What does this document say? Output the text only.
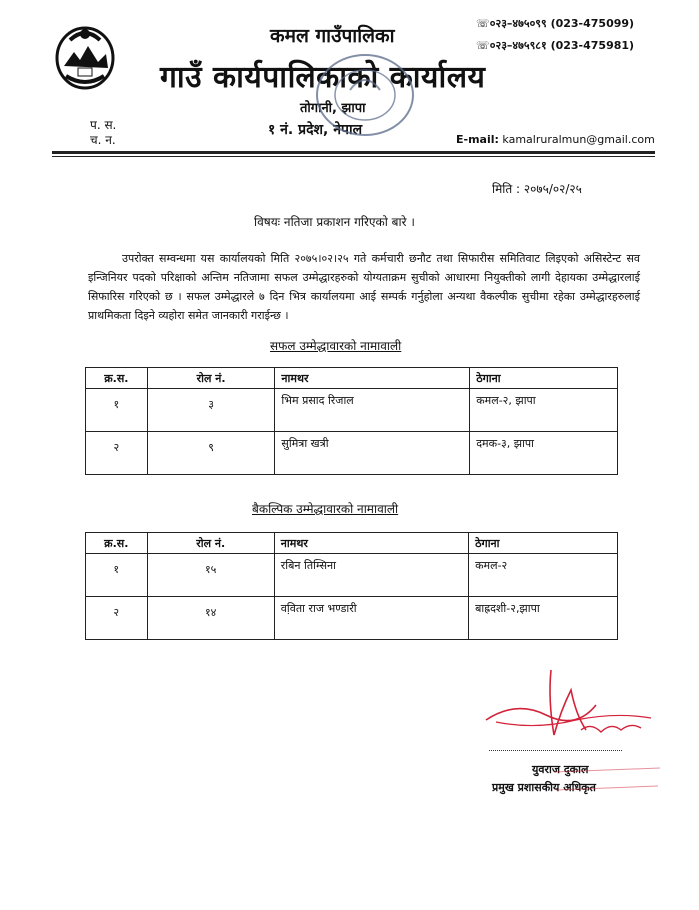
प. स.
च. न.
कमल गाउँपालिका
गाउँ कार्यपालिकाको कार्यालय
तोगानी, झापा
१ नं. प्रदेश, नेपाल
☏०२३–४७५०९९ (023-475099)
☏०२३–४७५९८१ (023-475981)
E-mail: kamalruralmun@gmail.com
मिति : २०७५/०२/२५
विषयः नतिजा प्रकाशन गरिएको बारे ।
उपरोक्त सम्वन्धमा यस कार्यालयको मिति २०७५।०२।२५ गते कर्मचारी छनौट तथा सिफारीस समितिवाट लिइएको असिस्टेन्ट सव इन्जिनियर पदको परिक्षाको अन्तिम नतिजामा सफल उम्मेद्धारहरुको योग्यताक्रम सुचीको आधारमा नियुक्तीको लागी देहायका उम्मेद्धारलाई सिफारिस गरिएको छ । सफल उम्मेद्धारले ७ दिन भित्र कार्यालयमा आई सम्पर्क गर्नुहोला अन्यथा वैकल्पीक सुचीमा रहेका उम्मेद्धारहरुलाई प्राथमिकता दिइने व्यहोरा समेत जानकारी गराईन्छ ।
सफल उम्मेद्धावारको नामावाली
क्र.स.	रोल नं.	नामथर	ठेगाना
१	३	भिम प्रसाद रिजाल	कमल-२, झापा
२	९	सुमित्रा खत्री	दमक-३, झापा
बैकल्पिक उम्मेद्धावारको नामावाली
क्र.स.	रोल नं.	नामथर	ठेगाना
१	१५	रबिन तिम्सिना	कमल-२
२	१४	ववि़ता राज भण्डारी	बाह्रदशी-२,झापा
युवराज दुकाल
प्रमुख प्रशासकीय अधिकृत
